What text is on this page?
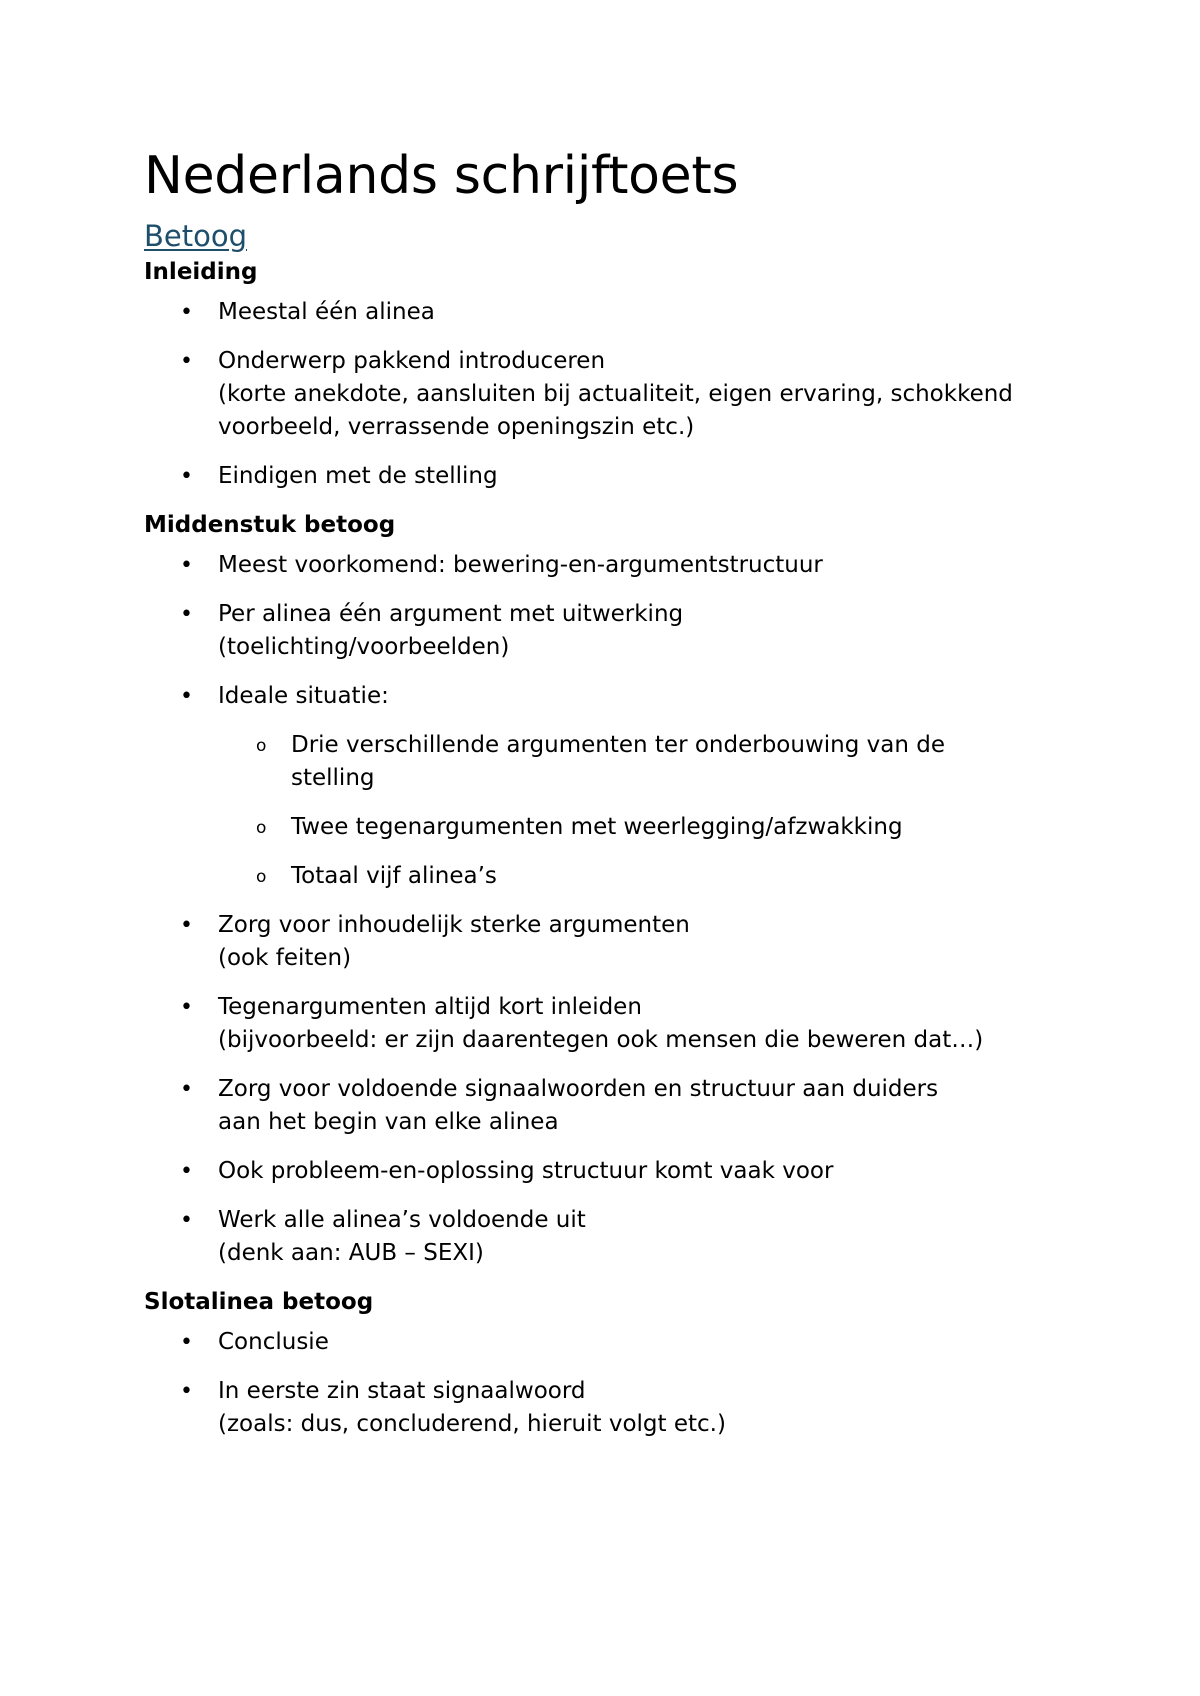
Nederlands schrijftoets
Betoog
Inleiding
• Meestal één alinea
• Onderwerp pakkend introduceren
(korte anekdote, aansluiten bij actualiteit, eigen ervaring, schokkend
voorbeeld, verrassende openingszin etc.)
• Eindigen met de stelling
Middenstuk betoog
• Meest voorkomend: bewering-en-argumentstructuur
• Per alinea één argument met uitwerking
(toelichting/voorbeelden)
• Ideale situatie:
o Drie verschillende argumenten ter onderbouwing van de
stelling
o Twee tegenargumenten met weerlegging/afzwakking
o Totaal vijf alinea’s
• Zorg voor inhoudelijk sterke argumenten
(ook feiten)
• Tegenargumenten altijd kort inleiden
(bijvoorbeeld: er zijn daarentegen ook mensen die beweren dat…)
• Zorg voor voldoende signaalwoorden en structuur aan duiders
aan het begin van elke alinea
• Ook probleem-en-oplossing structuur komt vaak voor
• Werk alle alinea’s voldoende uit
(denk aan: AUB – SEXI)
Slotalinea betoog
• Conclusie
• In eerste zin staat signaalwoord
(zoals: dus, concluderend, hieruit volgt etc.)
